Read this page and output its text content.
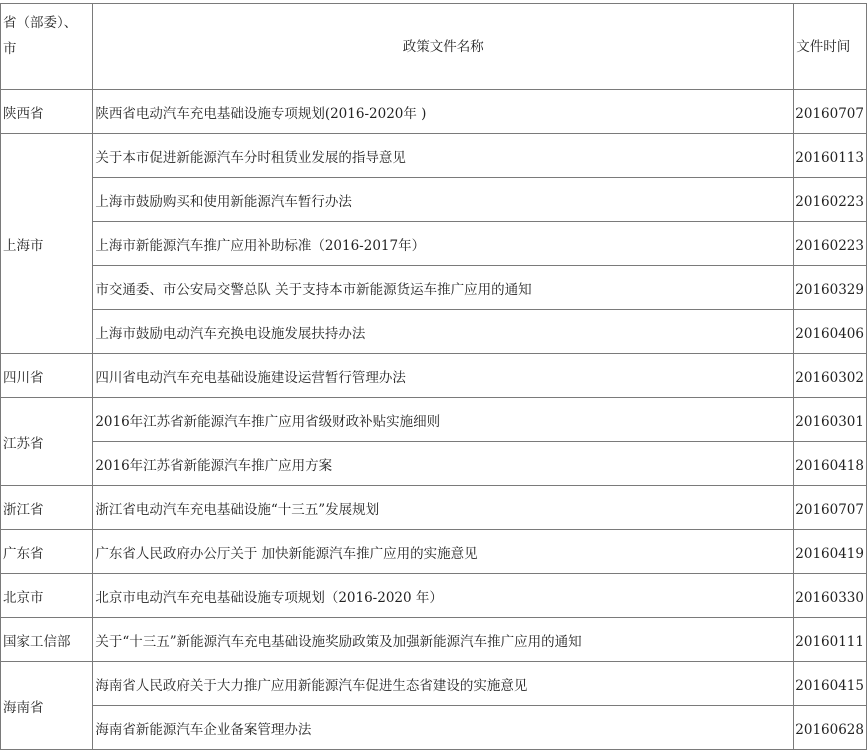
省（部委）、市	政策文件名称	文件时间
陕西省	陕西省电动汽车充电基础设施专项规划(2016-2020年 )	20160707
上海市	关于本市促进新能源汽车分时租赁业发展的指导意见	20160113
	上海市鼓励购买和使用新能源汽车暂行办法	20160223
	上海市新能源汽车推广应用补助标准（2016-2017年）	20160223
	市交通委、市公安局交警总队 关于支持本市新能源货运车推广应用的通知	20160329
	上海市鼓励电动汽车充换电设施发展扶持办法	20160406
四川省	四川省电动汽车充电基础设施建设运营暂行管理办法	20160302
江苏省	2016年江苏省新能源汽车推广应用省级财政补贴实施细则	20160301
	2016年江苏省新能源汽车推广应用方案	20160418
浙江省	浙江省电动汽车充电基础设施“十三五”发展规划	20160707
广东省	广东省人民政府办公厅关于 加快新能源汽车推广应用的实施意见	20160419
北京市	北京市电动汽车充电基础设施专项规划（2016-2020 年）	20160330
国家工信部	关于“十三五”新能源汽车充电基础设施奖励政策及加强新能源汽车推广应用的通知	20160111
海南省	海南省人民政府关于大力推广应用新能源汽车促进生态省建设的实施意见	20160415
	海南省新能源汽车企业备案管理办法	20160628
